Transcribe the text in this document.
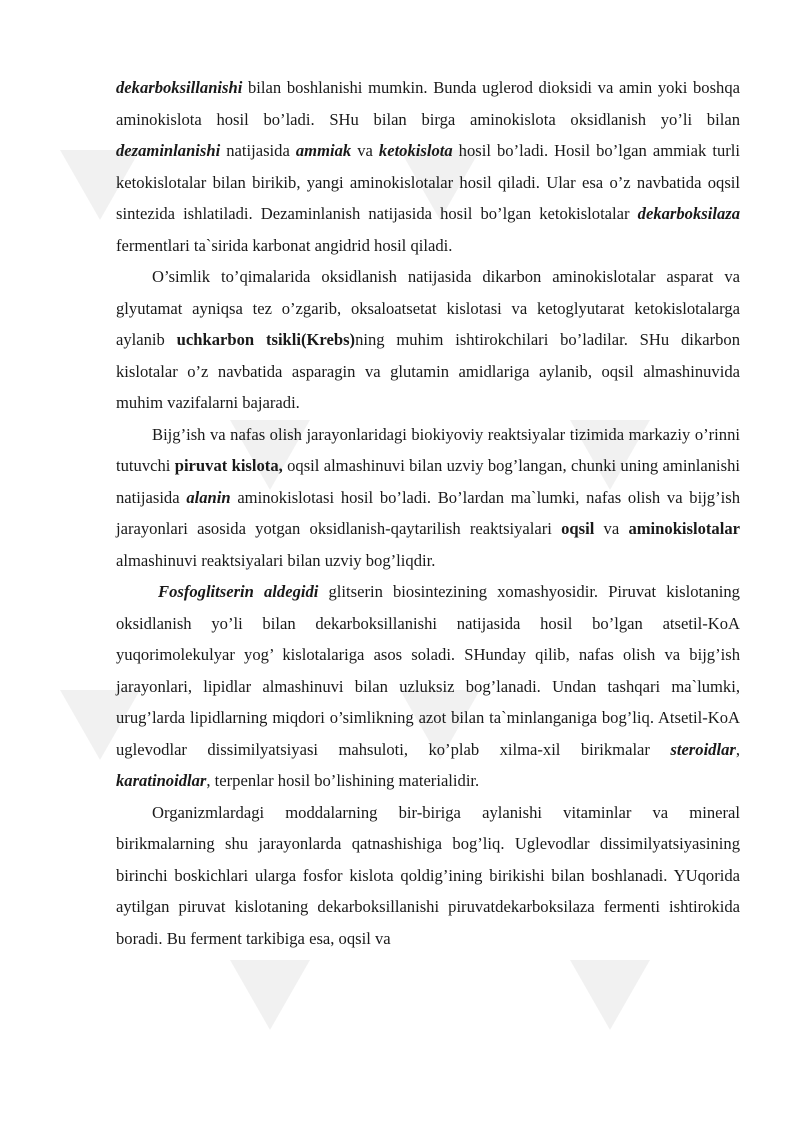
dekarboksillanishi bilan boshlanishi mumkin. Bunda uglerod dioksidi va amin yoki boshqa aminokislota hosil bo’ladi. SHu bilan birga aminokislota oksidlanish yo’li bilan dezaminlanishi natijasida ammiak va ketokislota hosil bo’ladi. Hosil bo’lgan ammiak turli ketokislotalar bilan birikib, yangi aminokislotalar hosil qiladi. Ular esa o’z navbatida oqsil sintezida ishlatiladi. Dezaminlanish natijasida hosil bo’lgan ketokislotalar dekarboksilaza fermentlari ta`sirida karbonat angidrid hosil qiladi.

O’simlik to’qimalarida oksidlanish natijasida dikarbon aminokislotalar asparat va glyutamat ayniqsa tez o’zgarib, oksaloatsetat kislotasi va ketoglyutarat ketokislotalarga aylanib uchkarbon tsikli(Krebs)ning muhim ishtirokchilari bo’ladilar. SHu dikarbon kislotalar o’z navbatida asparagin va glutamin amidlariga aylanib, oqsil almashinuvida muhim vazifalarni bajaradi.

Bijg’ish va nafas olish jarayonlaridagi biokiyoviy reaktsiyalar tizimida markaziy o’rinni tutuvchi piruvat kislota, oqsil almashinuvi bilan uzviy bog’langan, chunki uning aminlanishi natijasida alanin aminokislotasi hosil bo’ladi. Bo’lardan ma`lumki, nafas olish va bijg’ish jarayonlari asosida yotgan oksidlanish-qaytarilish reaktsiyalari oqsil va aminokislotalar almashinuvi reaktsiyalari bilan uzviy bog’liqdir.

Fosfoglitserin aldegidi glitserin biosintezining xomashyosidir. Piruvat kislotaning oksidlanish yo’li bilan dekarboksillanishi natijasida hosil bo’lgan atsetil-KoA yuqorimolekulyar yog’ kislotalariga asos soladi. SHunday qilib, nafas olish va bijg’ish jarayonlari, lipidlar almashinuvi bilan uzluksiz bog’lanadi. Undan tashqari ma`lumki, urug’larda lipidlarning miqdori o’simlikning azot bilan ta`minlanganiga bog’liq. Atsetil-KoA uglevodlar dissimilyatsiyasi mahsuloti, ko’plab xilma-xil birikmalar steroidlar, karatinoidlar, terpenlar hosil bo’lishining materialidir.

Organizmlardagi moddalarning bir-biriga aylanishi vitaminlar va mineral birikmalarning shu jarayonlarda qatnashishiga bog’liq. Uglevodlar dissimilyatsiyasining birinchi boskichlari ularga fosfor kislota qoldig’ining birikishi bilan boshlanadi. YUqorida aytilgan piruvat kislotaning dekarboksillanishi piruvatdekarboksilaza fermenti ishtirokida boradi. Bu ferment tarkibiga esa, oqsil va
